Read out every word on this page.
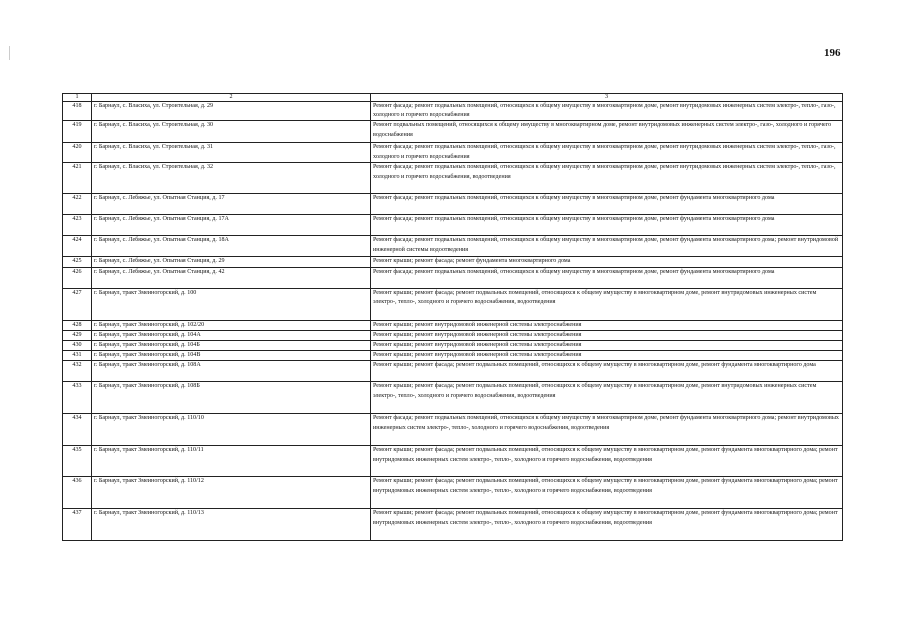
196
1	2	3
418	г. Барнаул, с. Власиха, ул. Строительная, д. 29	Ремонт фасада; ремонт подвальных помещений, относящихся к общему имуществу в многоквартирном доме, ремонт внутридомовых инженерных систем электро-, тепло-, газо-, холодного и горячего водоснабжения
419	г. Барнаул, с. Власиха, ул. Строительная, д. 30	Ремонт подвальных помещений, относящихся к общему имуществу в многоквартирном доме, ремонт внутридомовых инженерных систем электро-, газо-, холодного и горячего водоснабжения
420	г. Барнаул, с. Власиха, ул. Строительная, д. 31	Ремонт фасада; ремонт подвальных помещений, относящихся к общему имуществу в многоквартирном доме, ремонт внутридомовых инженерных систем электро-, тепло-, газо-, холодного и горячего водоснабжения
421	г. Барнаул, с. Власиха, ул. Строительная, д. 32	Ремонт фасада; ремонт подвальных помещений, относящихся к общему имуществу в многоквартирном доме, ремонт внутридомовых инженерных систем электро-, тепло-, газо-, холодного и горячего водоснабжения, водоотведения
422	г. Барнаул, с. Лебяжье, ул. Опытная Станция, д. 17	Ремонт фасада; ремонт подвальных помещений, относящихся к общему имуществу в многоквартирном доме, ремонт фундамента многоквартирного дома
423	г. Барнаул, с. Лебяжье, ул. Опытная Станция, д. 17А	Ремонт фасада; ремонт подвальных помещений, относящихся к общему имуществу в многоквартирном доме, ремонт фундамента многоквартирного дома
424	г. Барнаул, с. Лебяжье, ул. Опытная Станция, д. 18А	Ремонт фасада; ремонт подвальных помещений, относящихся к общему имуществу в многоквартирном доме, ремонт фундамента многоквартирного дома; ремонт внутридомовой инженерной системы водоотведения
425	г. Барнаул, с. Лебяжье, ул. Опытная Станция, д. 29	Ремонт крыши; ремонт фасада; ремонт фундамента многоквартирного дома
426	г. Барнаул, с. Лебяжье, ул. Опытная Станция, д. 42	Ремонт фасада; ремонт подвальных помещений, относящихся к общему имуществу в многоквартирном доме, ремонт фундамента многоквартирного дома
427	г. Барнаул, тракт Змеиногорский, д. 100	Ремонт крыши; ремонт фасада; ремонт подвальных помещений, относящихся к общему имуществу в многоквартирном доме, ремонт внутридомовых инженерных систем электро-, тепло-, холодного и горячего водоснабжения, водоотведения
428	г. Барнаул, тракт Змеиногорский, д. 102/20	Ремонт крыши; ремонт внутридомовой инженерной системы электроснабжения
429	г. Барнаул, тракт Змеиногорский, д. 104А	Ремонт крыши; ремонт внутридомовой инженерной системы электроснабжения
430	г. Барнаул, тракт Змеиногорский, д. 104Б	Ремонт крыши; ремонт внутридомовой инженерной системы электроснабжения
431	г. Барнаул, тракт Змеиногорский, д. 104В	Ремонт крыши; ремонт внутридомовой инженерной системы электроснабжения
432	г. Барнаул, тракт Змеиногорский, д. 108А	Ремонт крыши; ремонт фасада; ремонт подвальных помещений, относящихся к общему имуществу в многоквартирном доме, ремонт фундамента многоквартирного дома
433	г. Барнаул, тракт Змеиногорский, д. 108Б	Ремонт крыши; ремонт фасада; ремонт подвальных помещений, относящихся к общему имуществу в многоквартирном доме, ремонт внутридомовых инженерных систем электро-, тепло-, холодного и горячего водоснабжения, водоотведения
434	г. Барнаул, тракт Змеиногорский, д. 110/10	Ремонт фасада; ремонт подвальных помещений, относящихся к общему имуществу в многоквартирном доме, ремонт фундамента многоквартирного дома; ремонт внутридомовых инженерных систем электро-, тепло-, холодного и горячего водоснабжения, водоотведения
435	г. Барнаул, тракт Змеиногорский, д. 110/11	Ремонт крыши; ремонт фасада; ремонт подвальных помещений, относящихся к общему имуществу в многоквартирном доме, ремонт фундамента многоквартирного дома; ремонт внутридомовых инженерных систем электро-, тепло-, холодного и горячего водоснабжения, водоотведения
436	г. Барнаул, тракт Змеиногорский, д. 110/12	Ремонт крыши; ремонт фасада; ремонт подвальных помещений, относящихся к общему имуществу в многоквартирном доме, ремонт фундамента многоквартирного дома; ремонт внутридомовых инженерных систем электро-, тепло-, холодного и горячего водоснабжения, водоотведения
437	г. Барнаул, тракт Змеиногорский, д. 110/13	Ремонт крыши; ремонт фасада; ремонт подвальных помещений, относящихся к общему имуществу в многоквартирном доме, ремонт фундамента многоквартирного дома; ремонт внутридомовых инженерных систем электро-, тепло-, холодного и горячего водоснабжения, водоотведения
